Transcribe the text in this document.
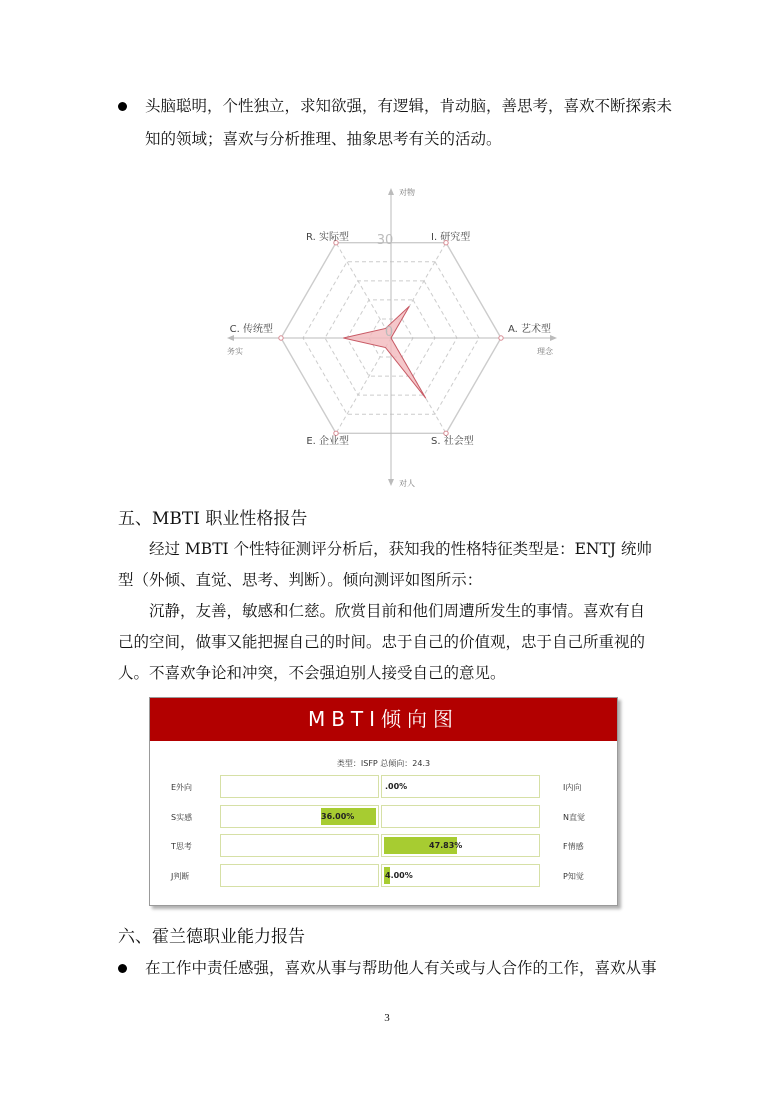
头脑聪明，个性独立，求知欲强，有逻辑，肯动脑，善思考，喜欢不断探索未知的领域；喜欢与分析推理、抽象思考有关的活动。
30
0
R. 实际型	I. 研究型
A. 艺术型
S. 社会型
E. 企业型
C. 传统型
对物
对人
务实	理念
五、MBTI 职业性格报告
经过 MBTI 个性特征测评分析后，获知我的性格特征类型是：ENTJ 统帅型（外倾、直觉、思考、判断）。倾向测评如图所示：
沉静，友善，敏感和仁慈。欣赏目前和他们周遭所发生的事情。喜欢有自己的空间，做事又能把握自己的时间。忠于自己的价值观，忠于自己所重视的人。不喜欢争论和冲突，不会强迫别人接受自己的意见。
MBTI倾向图
类型：ISFP 总倾向：24.3
E外向	.00%	I内向
S实感	36.00%	N直觉
T思考	47.83%	F情感
J判断	4.00%	P知觉
六、霍兰德职业能力报告
在工作中责任感强，喜欢从事与帮助他人有关或与人合作的工作，喜欢从事
3
